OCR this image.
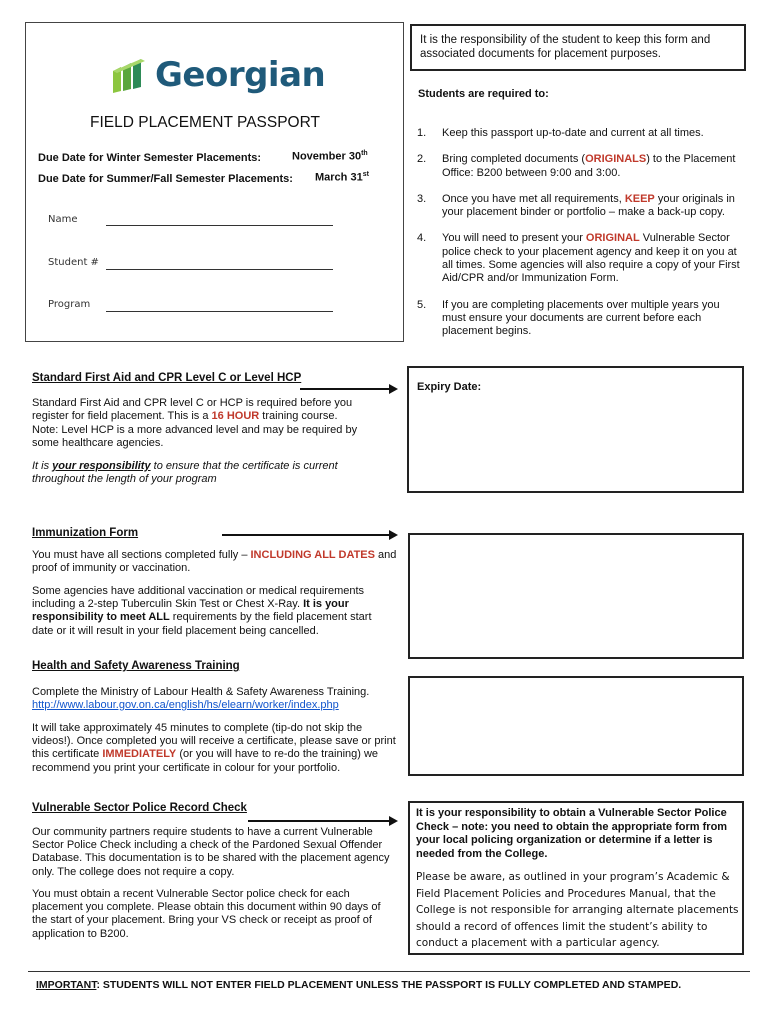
Georgian
FIELD PLACEMENT PASSPORT
Due Date for Winter Semester Placements:	November 30th
Due Date for Summer/Fall Semester Placements: March 31st
Name
Student #
Program
It is the responsibility of the student to keep this form and associated documents for placement purposes.
Students are required to:
1. Keep this passport up-to-date and current at all times.
2. Bring completed documents (ORIGINALS) to the Placement Office: B200 between 9:00 and 3:00.
3. Once you have met all requirements, KEEP your originals in your placement binder or portfolio – make a back-up copy.
4. You will need to present your ORIGINAL Vulnerable Sector police check to your placement agency and keep it on you at all times. Some agencies will also require a copy of your First Aid/CPR and/or Immunization Form.
5. If you are completing placements over multiple years you must ensure your documents are current before each placement begins.
Standard First Aid and CPR Level C or Level HCP
Standard First Aid and CPR level C or HCP is required before you register for field placement. This is a 16 HOUR training course.
Note: Level HCP is a more advanced level and may be required by some healthcare agencies.
It is your responsibility to ensure that the certificate is current throughout the length of your program
Expiry Date:
Immunization Form
You must have all sections completed fully – INCLUDING ALL DATES and proof of immunity or vaccination.
Some agencies have additional vaccination or medical requirements including a 2-step Tuberculin Skin Test or Chest X-Ray. It is your responsibility to meet ALL requirements by the field placement start date or it will result in your field placement being cancelled.
Health and Safety Awareness Training
Complete the Ministry of Labour Health & Safety Awareness Training.
http://www.labour.gov.on.ca/english/hs/elearn/worker/index.php
It will take approximately 45 minutes to complete (tip-do not skip the videos!). Once completed you will receive a certificate, please save or print this certificate IMMEDIATELY (or you will have to re-do the training) we recommend you print your certificate in colour for your portfolio.
Vulnerable Sector Police Record Check
Our community partners require students to have a current Vulnerable Sector Police Check including a check of the Pardoned Sexual Offender Database. This documentation is to be shared with the placement agency only. The college does not require a copy.
You must obtain a recent Vulnerable Sector police check for each placement you complete. Please obtain this document within 90 days of the start of your placement. Bring your VS check or receipt as proof of application to B200.
It is your responsibility to obtain a Vulnerable Sector Police Check – note: you need to obtain the appropriate form from your local policing organization or determine if a letter is needed from the College.
Please be aware, as outlined in your program’s Academic & Field Placement Policies and Procedures Manual, that the College is not responsible for arranging alternate placements should a record of offences limit the student’s ability to conduct a placement with a particular agency.
IMPORTANT: STUDENTS WILL NOT ENTER FIELD PLACEMENT UNLESS THE PASSPORT IS FULLY COMPLETED AND STAMPED.
